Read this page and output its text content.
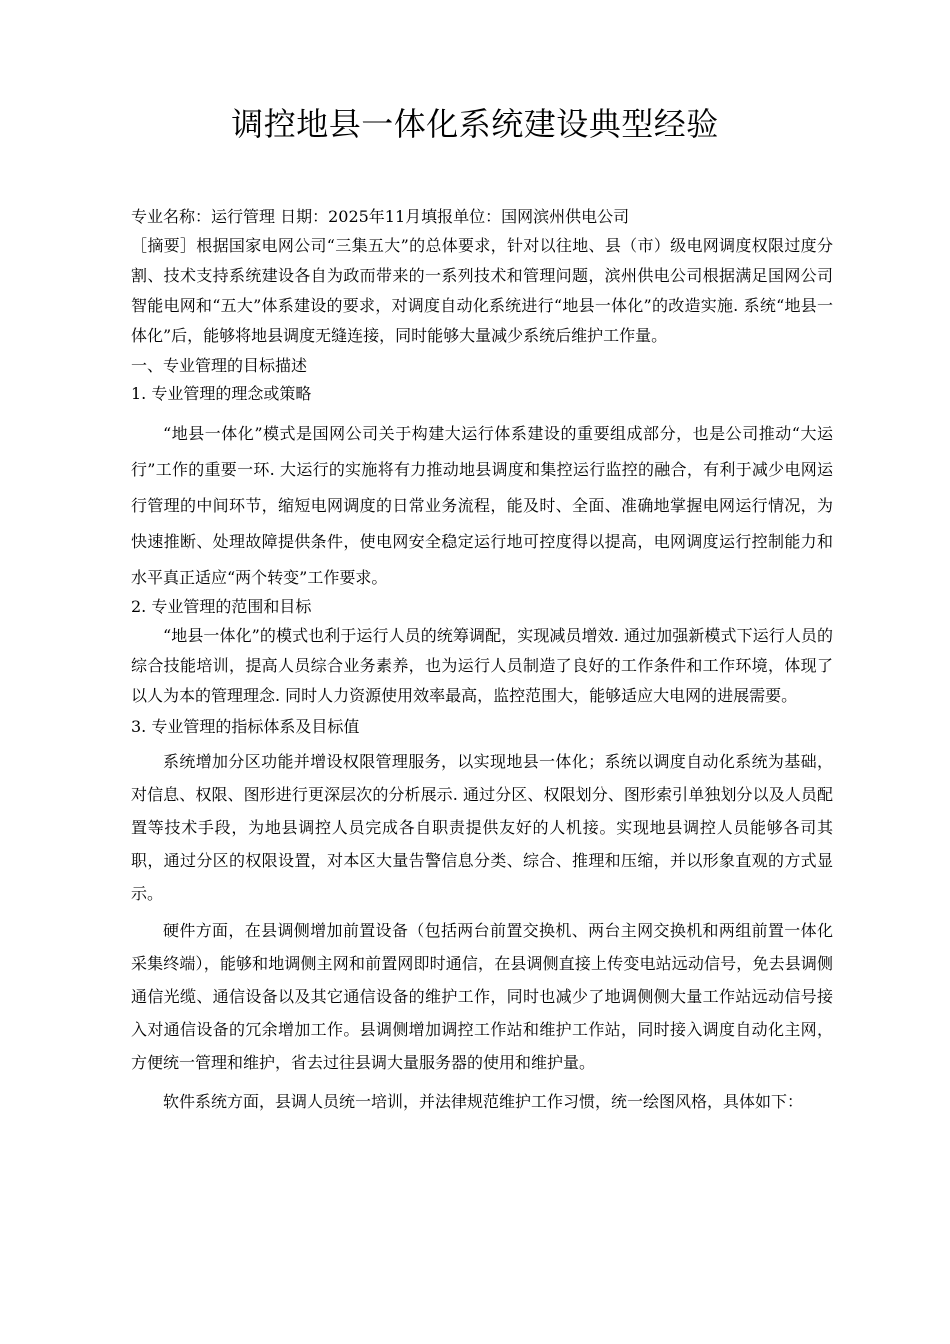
调控地县一体化系统建设典型经验

专业名称：运行管理 日期：2025年11月填报单位：国网滨州供电公司

［摘要］根据国家电网公司“三集五大”的总体要求，针对以往地、县（市）级电网调度权限过度分割、技术支持系统建设各自为政而带来的一系列技术和管理问题，滨州供电公司根据满足国网公司智能电网和“五大”体系建设的要求，对调度自动化系统进行“地县一体化”的改造实施. 系统“地县一体化”后，能够将地县调度无缝连接，同时能够大量减少系统后维护工作量。

一、专业管理的目标描述

1. 专业管理的理念或策略

“地县一体化”模式是国网公司关于构建大运行体系建设的重要组成部分，也是公司推动“大运行”工作的重要一环. 大运行的实施将有力推动地县调度和集控运行监控的融合，有利于减少电网运行管理的中间环节，缩短电网调度的日常业务流程，能及时、全面、准确地掌握电网运行情况，为快速推断、处理故障提供条件，使电网安全稳定运行地可控度得以提高，电网调度运行控制能力和水平真正适应“两个转变”工作要求。

2. 专业管理的范围和目标

“地县一体化”的模式也利于运行人员的统筹调配，实现减员增效. 通过加强新模式下运行人员的综合技能培训，提高人员综合业务素养，也为运行人员制造了良好的工作条件和工作环境，体现了以人为本的管理理念. 同时人力资源使用效率最高，监控范围大，能够适应大电网的进展需要。

3. 专业管理的指标体系及目标值

系统增加分区功能并增设权限管理服务，以实现地县一体化；系统以调度自动化系统为基础，对信息、权限、图形进行更深层次的分析展示. 通过分区、权限划分、图形索引单独划分以及人员配置等技术手段，为地县调控人员完成各自职责提供友好的人机接。实现地县调控人员能够各司其职，通过分区的权限设置，对本区大量告警信息分类、综合、推理和压缩，并以形象直观的方式显示。

硬件方面，在县调侧增加前置设备（包括两台前置交换机、两台主网交换机和两组前置一体化采集终端），能够和地调侧主网和前置网即时通信，在县调侧直接上传变电站远动信号，免去县调侧通信光缆、通信设备以及其它通信设备的维护工作，同时也减少了地调侧侧大量工作站远动信号接入对通信设备的冗余增加工作。县调侧增加调控工作站和维护工作站，同时接入调度自动化主网，方便统一管理和维护，省去过往县调大量服务器的使用和维护量。

软件系统方面，县调人员统一培训，并法律规范维护工作习惯，统一绘图风格，具体如下：
